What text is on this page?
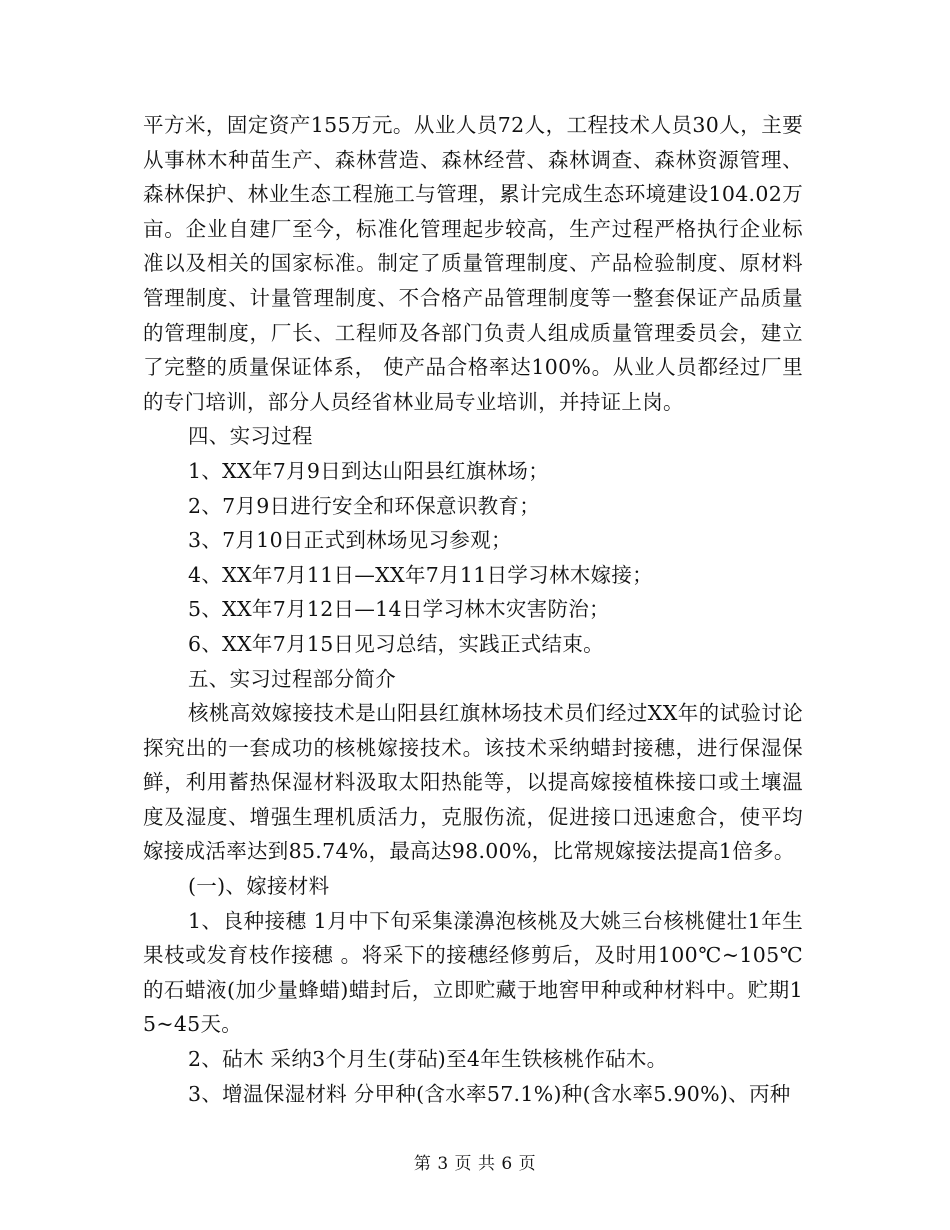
平方米，固定资产155万元。从业人员72人，工程技术人员30人，主要从事林木种苗生产、森林营造、森林经营、森林调查、森林资源管理、森林保护、林业生态工程施工与管理，累计完成生态环境建设104.02万亩。企业自建厂至今，标准化管理起步较高，生产过程严格执行企业标准以及相关的国家标准。制定了质量管理制度、产品检验制度、原材料管理制度、计量管理制度、不合格产品管理制度等一整套保证产品质量的管理制度，厂长、工程师及各部门负责人组成质量管理委员会，建立了完整的质量保证体系， 使产品合格率达100%。从业人员都经过厂里的专门培训，部分人员经省林业局专业培训，并持证上岗。

四、实习过程

1、XX年7月9日到达山阳县红旗林场；

2、7月9日进行安全和环保意识教育；

3、7月10日正式到林场见习参观；

4、XX年7月11日—XX年7月11日学习林木嫁接；

5、XX年7月12日—14日学习林木灾害防治；

6、XX年7月15日见习总结，实践正式结束。

五、实习过程部分简介

核桃高效嫁接技术是山阳县红旗林场技术员们经过XX年的试验讨论探究出的一套成功的核桃嫁接技术。该技术采纳蜡封接穗，进行保湿保鲜，利用蓄热保湿材料汲取太阳热能等，以提高嫁接植株接口或土壤温度及湿度、增强生理机质活力，克服伤流，促进接口迅速愈合，使平均嫁接成活率达到85.74%，最高达98.00%，比常规嫁接法提高1倍多。

(一)、嫁接材料

1、良种接穗 1月中下旬采集漾濞泡核桃及大姚三台核桃健壮1年生果枝或发育枝作接穗 。将采下的接穗经修剪后，及时用100℃~105℃的石蜡液(加少量蜂蜡)蜡封后，立即贮藏于地窖甲种或种材料中。贮期15~45天。

2、砧木 采纳3个月生(芽砧)至4年生铁核桃作砧木。

3、增温保湿材料 分甲种(含水率57.1%)种(含水率5.90%)、丙种

第 3 页 共 6 页
